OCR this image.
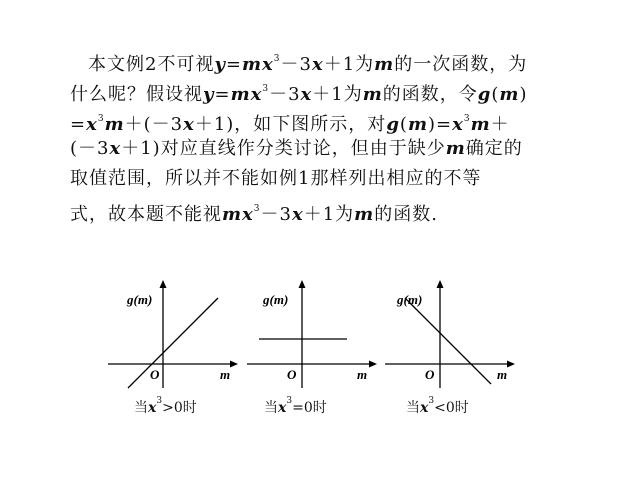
本文例2不可视$y=mx^3-3x+1$为m的一次函数，为
什么呢？假设视$y=mx^3-3x+1$为m的函数，令g(m)
$=x^3m+(-3x+1)$，如下图所示，对$g(m)=x^3m+$
(－3x＋1)对应直线作分类讨论，但由于缺少m确定的
取值范围，所以并不能如例1那样列出相应的不等
式，故本题不能视$mx^3-3x+1$为m的函数.
g(m)
O	m
g(m)
O	m
g(m)
O	m
当$x^3>0$时	当$x^3=0$时	当$x^3<0$时
